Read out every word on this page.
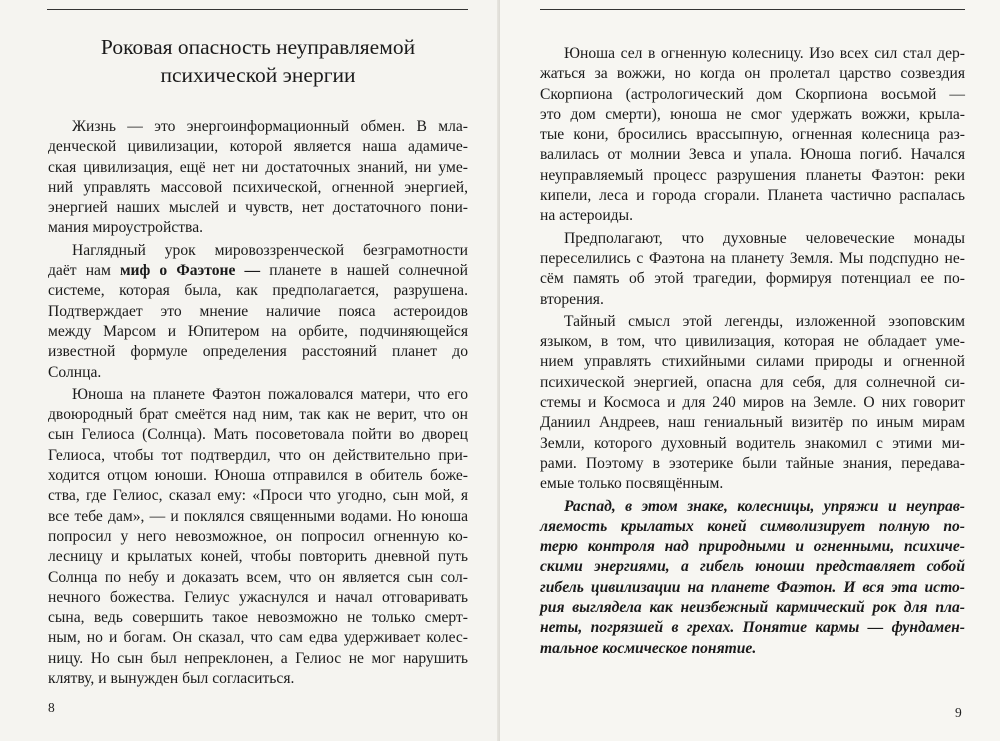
Роковая опасность неуправляемой
психической энергии
Жизнь — это энергоинформационный обмен. В мла-
денческой цивилизации, которой является наша адамиче-
ская цивилизация, ещё нет ни достаточных знаний, ни уме-
ний управлять массовой психической, огненной энергией,
энергией наших мыслей и чувств, нет достаточного пони-
мания мироустройства.
Наглядный урок мировоззренческой безграмотности
даёт нам миф о Фаэтоне — планете в нашей солнечной
системе, которая была, как предполагается, разрушена.
Подтверждает это мнение наличие пояса астероидов
между Марсом и Юпитером на орбите, подчиняющейся
известной формуле определения расстояний планет до
Солнца.
Юноша на планете Фаэтон пожаловался матери, что его
двоюродный брат смеётся над ним, так как не верит, что он
сын Гелиоса (Солнца). Мать посоветовала пойти во дворец
Гелиоса, чтобы тот подтвердил, что он действительно при-
ходится отцом юноши. Юноша отправился в обитель боже-
ства, где Гелиос, сказал ему: «Проси что угодно, сын мой, я
все тебе дам», — и поклялся священными водами. Но юноша
попросил у него невозможное, он попросил огненную ко-
лесницу и крылатых коней, чтобы повторить дневной путь
Солнца по небу и доказать всем, что он является сын сол-
нечного божества. Гелиус ужаснулся и начал отговаривать
сына, ведь совершить такое невозможно не только смерт-
ным, но и богам. Он сказал, что сам едва удерживает колес-
ницу. Но сын был непреклонен, а Гелиос не мог нарушить
клятву, и вынужден был согласиться.
8
Юноша сел в огненную колесницу. Изо всех сил стал дер-
жаться за вожжи, но когда он пролетал царство созвездия
Скорпиона (астрологический дом Скорпиона восьмой —
это дом смерти), юноша не смог удержать вожжи, крыла-
тые кони, бросились врассыпную, огненная колесница раз-
валилась от молнии Зевса и упала. Юноша погиб. Начался
неуправляемый процесс разрушения планеты Фаэтон: реки
кипели, леса и города сгорали. Планета частично распалась
на астероиды.
Предполагают, что духовные человеческие монады
переселились с Фаэтона на планету Земля. Мы подспудно не-
сём память об этой трагедии, формируя потенциал ее по-
вторения.
Тайный смысл этой легенды, изложенной эзоповским
языком, в том, что цивилизация, которая не обладает уме-
нием управлять стихийными силами природы и огненной
психической энергией, опасна для себя, для солнечной си-
стемы и Космоса и для 240 миров на Земле. О них говорит
Даниил Андреев, наш гениальный визитёр по иным мирам
Земли, которого духовный водитель знакомил с этими ми-
рами. Поэтому в эзотерике были тайные знания, передава-
емые только посвящённым.
Распад, в этом знаке, колесницы, упряжи и неуправ-
ляемость крылатых коней символизирует полную по-
терю контроля над природными и огненными, психиче-
скими энергиями, а гибель юноши представляет собой
гибель цивилизации на планете Фаэтон. И вся эта исто-
рия выглядела как неизбежный кармический рок для пла-
неты, погрязшей в грехах. Понятие кармы — фундамен-
тальное космическое понятие.
9
